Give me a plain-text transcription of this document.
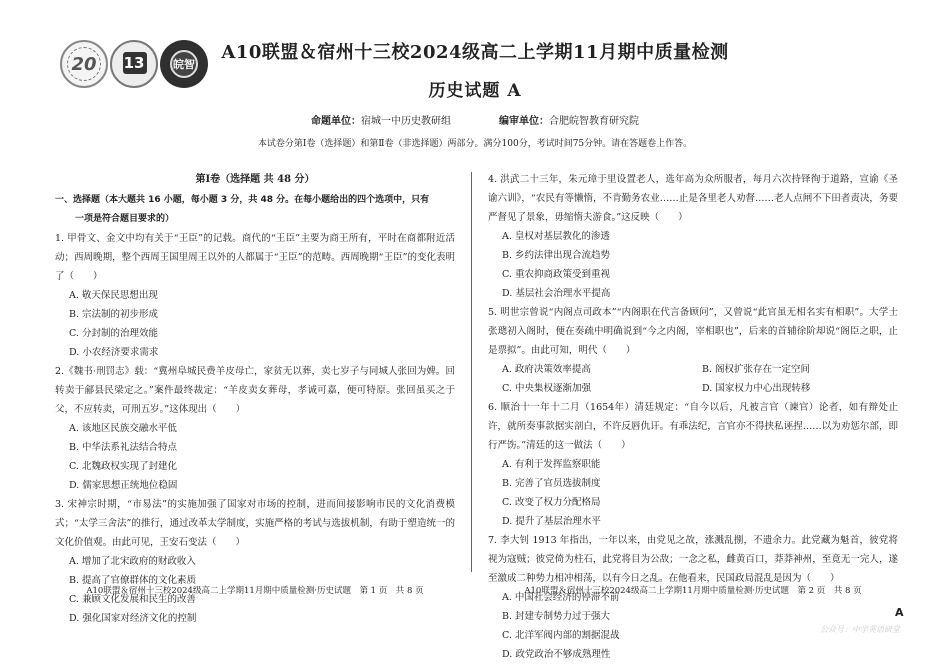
20	13	皖智
A10联盟＆宿州十三校2024级高二上学期11月期中质量检测
历史试题 A
命题单位：宿城一中历史教研组	编审单位：合肥皖智教育研究院
本试卷分第Ⅰ卷（选择题）和第Ⅱ卷（非选择题）两部分。满分100分，考试时间75分钟。请在答题卷上作答。
第Ⅰ卷（选择题 共 48 分）
一、选择题（本大题共 16 小题，每小题 3 分，共 48 分。在每小题给出的四个选项中，只有
一项是符合题目要求的）
1. 甲骨文、金文中均有关于“王臣”的记载。商代的“王臣”主要为商王所有，平时在商都附近活动；西周晚期，整个西周王国里周王以外的人都属于“王臣”的范畴。西周晚期“王臣”的变化表明了（　　）
A. 敬天保民思想出现
B. 宗法制的初步形成
C. 分封制的治理效能
D. 小农经济要求需求
2.《魏书·刑罚志》载：“冀州阜城民费羊皮母亡，家贫无以葬，卖七岁子与同城人张回为婢。回转卖于鄃县民梁定之。”案件最终裁定：“羊皮卖女葬母，孝诚可嘉，便可特原。张回虽买之于父，不应转卖，可刑五岁。”这体现出（　　）
A. 该地区民族交融水平低
B. 中华法系礼法结合特点
C. 北魏政权实现了封建化
D. 儒家思想正统地位稳固
3. 宋神宗时期，“市易法”的实施加强了国家对市场的控制，进而间接影响市民的文化消费模式；“太学三舍法”的推行，通过改革太学制度，实施严格的考试与选拔机制，有助于塑造统一的文化价值观。由此可见，王安石变法（　　）
A. 增加了北宋政府的财政收入
B. 提高了官僚群体的文化素质
C. 兼顾文化发展和民生的改善
D. 强化国家对经济文化的控制
4. 洪武二十三年，朱元璋于里设置老人，选年高为众所服者，每月六次持铎徇于道路，宣谕《圣谕六训》，“农民有等懒惰，不肯勤务农业……止是各里老人劝督……老人点闸不下田者责决，务要严督见了景象，毋缩惰夫游食。”这反映（　　）
A. 皇权对基层教化的渗透
B. 乡约法律出现合流趋势
C. 重农抑商政策受到重视
D. 基层社会治理水平提高
5. 明世宗曾说“内阁点司政本”“内阁职在代言备顾问”，又曾说“此官虽无相名实有相职”。大学士张璁初入阁时，便在奏疏中明确说到“今之内阁，宰相职也”，后来的首辅徐阶却说“阁臣之职，止是票拟”。由此可知，明代（　　）
A. 政府决策效率提高	B. 阁权扩张存在一定空间
C. 中央集权逐渐加强	D. 国家权力中心出现转移
6. 顺治十一年十二月（1654年）清廷规定：“自今以后，凡被言官（谏官）论者，如有辩处止许，就所奏事款据实剖白，不许反唇仇讦。有乖法纪，言官亦不得挟私诬捏……以为劝惩尔部，即行严饬。”清廷的这一做法（　　）
A. 有利于发挥监察职能
B. 完善了官员选拔制度
C. 改变了权力分配格局
D. 提升了基层治理水平
7. 李大钊 1913 年指出，一年以来，由党见之故，涨溅乱捌，不遗余力。此党藏为魁首，彼党将视为寇贼；彼党倚为柱石，此党将目为公敌；一念之私，雌黄百口，莽莽神州，至竟无一完人，遂至激成二种势力相冲相荡，以有今日之乱。在他看来，民国政局混乱是因为（　　）
A. 中国社会经济的停滞不前
B. 封建专制势力过于强大
C. 北洋军阀内部的割据混战
D. 政党政治不够成熟理性
A10联盟＆宿州十三校2024级高二上学期11月期中质量检测·历史试题　第 1 页　共 8 页	A10联盟＆宿州十三校2024级高二上学期11月期中质量检测·历史试题　第 2 页　共 8 页
A
公众号：中学英语研堂
